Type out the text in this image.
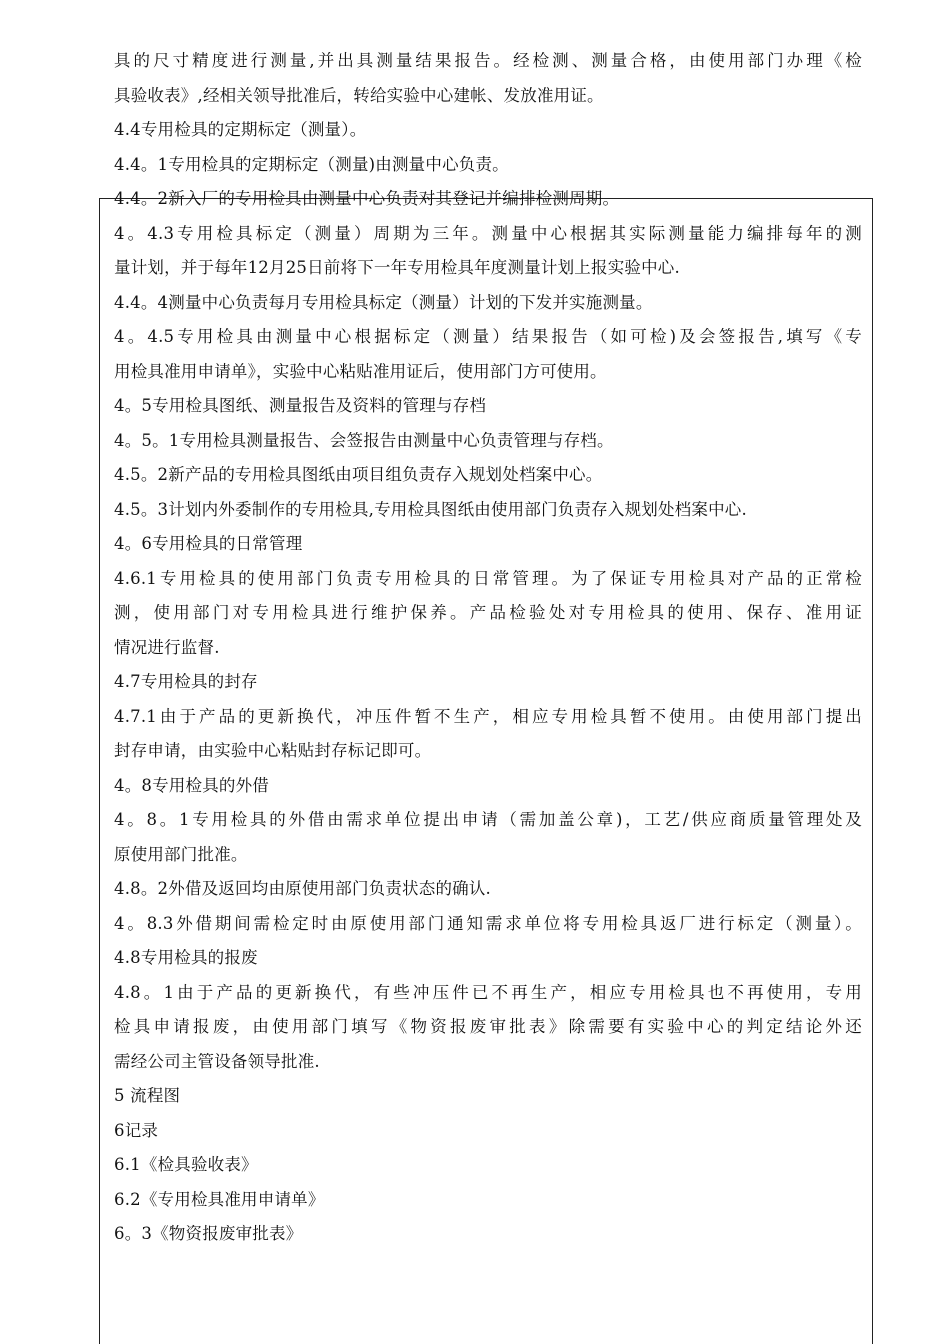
具的尺寸精度进行测量,并出具测量结果报告。经检测、测量合格，由使用部门办理《检
具验收表》,经相关领导批准后，转给实验中心建帐、发放准用证。
4.4专用检具的定期标定（测量）。
4.4。1专用检具的定期标定（测量)由测量中心负责。
4.4。2新入厂的专用检具由测量中心负责对其登记并编排检测周期。
4。4.3专用检具标定（测量）周期为三年。测量中心根据其实际测量能力编排每年的测
量计划，并于每年12月25日前将下一年专用检具年度测量计划上报实验中心.
4.4。4测量中心负责每月专用检具标定（测量）计划的下发并实施测量。
4。4.5专用检具由测量中心根据标定（测量）结果报告（如可检)及会签报告,填写《专
用检具准用申请单》，实验中心粘贴准用证后，使用部门方可使用。
4。5专用检具图纸、测量报告及资料的管理与存档
4。5。1专用检具测量报告、会签报告由测量中心负责管理与存档。
4.5。2新产品的专用检具图纸由项目组负责存入规划处档案中心。
4.5。3计划内外委制作的专用检具,专用检具图纸由使用部门负责存入规划处档案中心.
4。6专用检具的日常管理
4.6.1专用检具的使用部门负责专用检具的日常管理。为了保证专用检具对产品的正常检
测，使用部门对专用检具进行维护保养。产品检验处对专用检具的使用、保存、准用证
情况进行监督.
4.7专用检具的封存
4.7.1由于产品的更新换代，冲压件暂不生产，相应专用检具暂不使用。由使用部门提出
封存申请，由实验中心粘贴封存标记即可。
4。8专用检具的外借
4。8。1专用检具的外借由需求单位提出申请（需加盖公章)，工艺/供应商质量管理处及
原使用部门批准。
4.8。2外借及返回均由原使用部门负责状态的确认.
4。8.3外借期间需检定时由原使用部门通知需求单位将专用检具返厂进行标定（测量）。
4.8专用检具的报废
4.8。1由于产品的更新换代，有些冲压件已不再生产，相应专用检具也不再使用，专用
检具申请报废，由使用部门填写《物资报废审批表》除需要有实验中心的判定结论外还
需经公司主管设备领导批准.
5 流程图
6记录
6.1《检具验收表》
6.2《专用检具准用申请单》
6。3《物资报废审批表》
